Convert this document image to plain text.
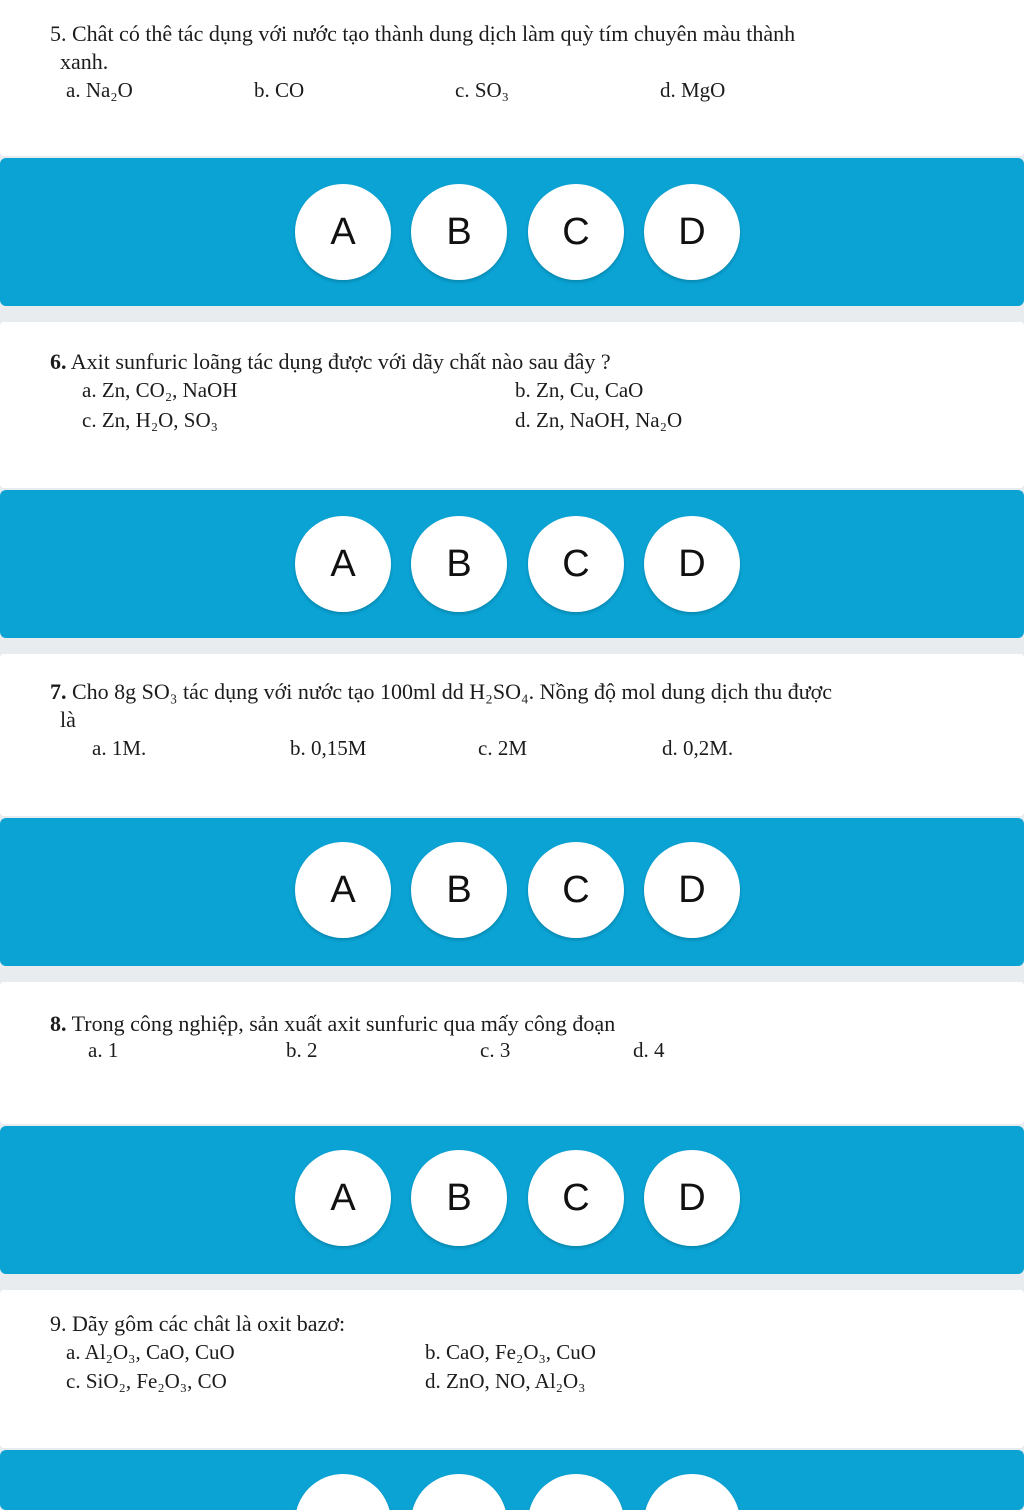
5. Chât có thê tác dụng với nước tạo thành dung dịch làm quỳ tím chuyên màu thành
xanh.
a. Na₂O	b. CO	c. SO₃	d. MgO
A	B	C	D
6. Axit sunfuric loãng tác dụng được với dãy chất nào sau đây ?
a. Zn, CO₂, NaOH	b. Zn, Cu, CaO
c. Zn, H₂O, SO₃	d. Zn, NaOH, Na₂O
A	B	C	D
7. Cho 8g SO₃ tác dụng với nước tạo 100ml dd H₂SO₄. Nồng độ mol dung dịch thu được
là
a. 1M.	b. 0,15M	c. 2M	d. 0,2M.
A	B	C	D
8. Trong công nghiệp, sản xuất axit sunfuric qua mấy công đoạn
a. 1	b. 2	c. 3	d. 4
A	B	C	D
9. Dãy gôm các chât là oxit bazơ:
a. Al₂O₃, CaO, CuO	b. CaO, Fe₂O₃, CuO
c. SiO₂, Fe₂O₃, CO	d. ZnO, NO, Al₂O₃
